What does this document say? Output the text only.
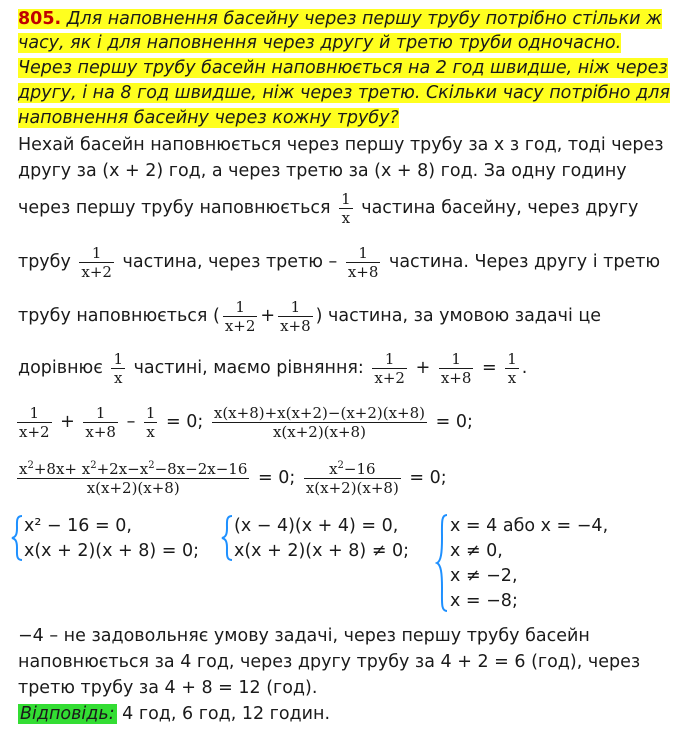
805. Для наповнення басейну через першу трубу потрібно стільки ж
часу, як і для наповнення через другу й третю труби одночасно.
Через першу трубу басейн наповнюється на 2 год швидше, ніж через
другу, і на 8 год швидше, ніж через третю. Скільки часу потрібно для
наповнення басейну через кожну трубу?
Нехай басейн наповнюється через першу трубу за х з год, тоді через
другу за (х + 2) год, а через третю за (х + 8) год. За одну годину
через першу трубу наповнюється $\frac{1}{x}$ частина басейну, через другу
трубу $\frac{1}{x+2}$ частина, через третю – $\frac{1}{x+8}$ частина. Через другу і третю
трубу наповнюється ( $\frac{1}{x+2} + \frac{1}{x+8}$ ) частина, за умовою задачі це
дорівнює $\frac{1}{x}$ частині, маємо рівняння: $\frac{1}{x+2} + \frac{1}{x+8} = \frac{1}{x}$ .
$\frac{1}{x+2} + \frac{1}{x+8} - \frac{1}{x} = 0$; $\frac{x(x+8)+x(x+2)-(x+2)(x+8)}{x(x+2)(x+8)} = 0$;
$\frac{x^2+8x+ x^2+2x-x^2-8x-2x-16}{x(x+2)(x+8)} = 0$; $\frac{x^2-16}{x(x+2)(x+8)} = 0$;
x² − 16 = 0,
x(x + 2)(x + 8) = 0;
(x − 4)(x + 4) = 0,
x(x + 2)(x + 8) ≠ 0;
x = 4 або x = −4,
x ≠ 0,
x ≠ −2,
x = −8;
−4 – не задовольняє умову задачі, через першу трубу басейн
наповнюється за 4 год, через другу трубу за 4 + 2 = 6 (год), через
третю трубу за 4 + 8 = 12 (год).
Відповідь: 4 год, 6 год, 12 годин.
